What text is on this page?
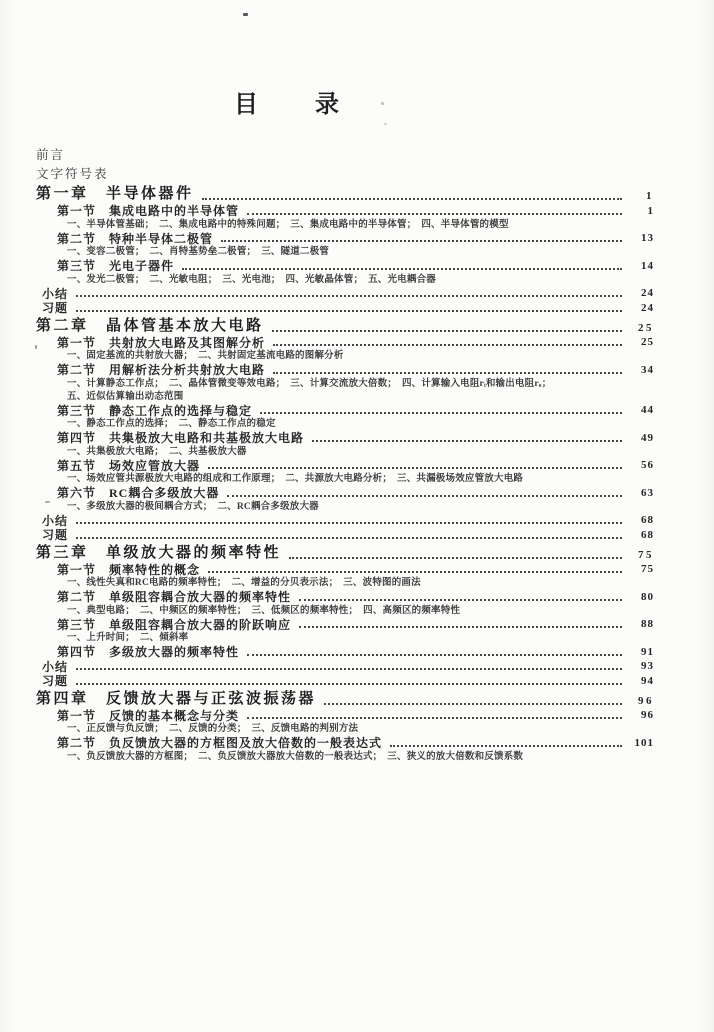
目　　录
前言
文字符号表
第一章　半导体器件	1
第一节　集成电路中的半导体管	1
一、半导体管基础；　二、集成电路中的特殊问题；　三、集成电路中的半导体管；　四、半导体管的模型
第二节　特种半导体二极管	13
一、变容二极管；　二、肖特基势垒二极管；　三、隧道二极管
第三节　光电子器件	14
一、发光二极管；　二、光敏电阻；　三、光电池；　四、光敏晶体管；　五、光电耦合器
小结	24
习题	24
第二章　晶体管基本放大电路	25
第一节　共射放大电路及其图解分析	25
一、固定基流的共射放大器；　二、共射固定基流电路的图解分析
第二节　用解析法分析共射放大电路	34
一、计算静态工作点；　二、晶体管微变等效电路；　三、计算交流放大倍数；　四、计算输入电阻rᵢ和输出电阻rₒ；
五、近似估算输出动态范围
第三节　静态工作点的选择与稳定	44
一、静态工作点的选择；　二、静态工作点的稳定
第四节　共集极放大电路和共基极放大电路	49
一、共集极放大电路；　二、共基极放大器
第五节　场效应管放大器	56
一、场效应管共源极放大电路的组成和工作原理；　二、共源放大电路分析；　三、共漏极场效应管放大电路
第六节　RC耦合多级放大器	63
一、多级放大器的极间耦合方式；　二、RC耦合多级放大器
小结	68
习题	68
第三章　单级放大器的频率特性	75
第一节　频率特性的概念	75
一、线性失真和RC电路的频率特性；　二、增益的分贝表示法；　三、波特图的画法
第二节　单级阻容耦合放大器的频率特性	80
一、典型电路；　二、中频区的频率特性；　三、低频区的频率特性；　四、高频区的频率特性
第三节　单级阻容耦合放大器的阶跃响应	88
一、上升时间；　二、倾斜率
第四节　多级放大器的频率特性	91
小结	93
习题	94
第四章　反馈放大器与正弦波振荡器	96
第一节　反馈的基本概念与分类	96
一、正反馈与负反馈；　二、反馈的分类；　三、反馈电路的判别方法
第二节　负反馈放大器的方框图及放大倍数的一般表达式	101
一、负反馈放大器的方框图；　二、负反馈放大器放大倍数的一般表达式；　三、狭义的放大倍数和反馈系数
